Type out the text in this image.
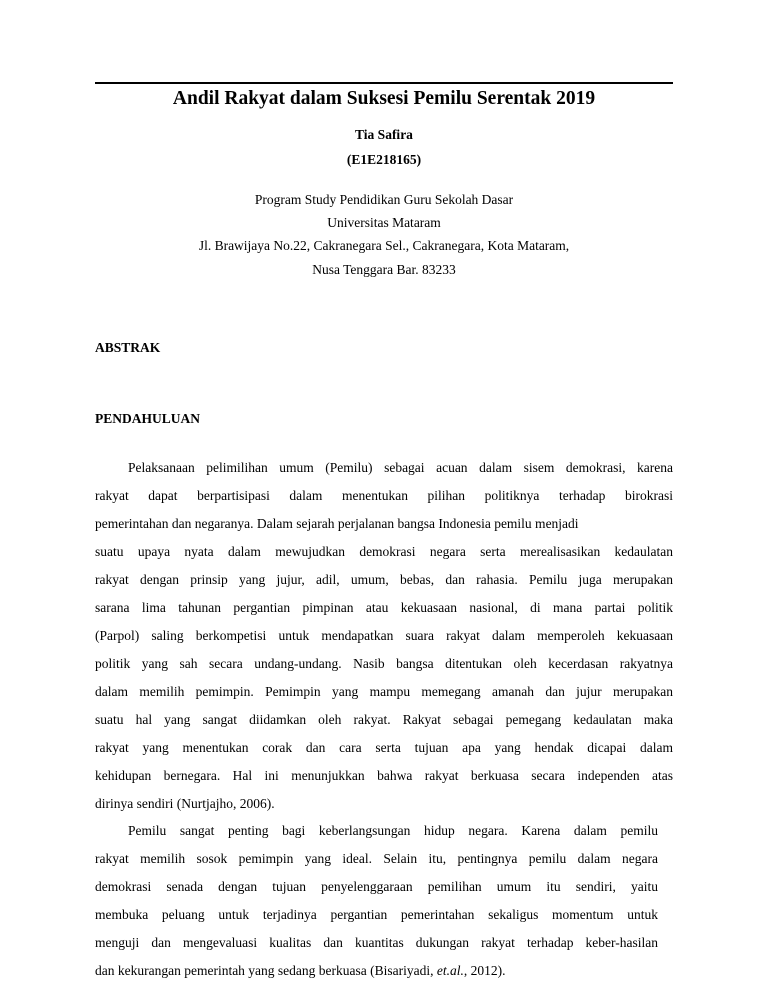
Andil Rakyat dalam Suksesi Pemilu Serentak 2019

Tia Safira

(E1E218165)

Program Study Pendidikan Guru Sekolah Dasar

Universitas Mataram

Jl. Brawijaya No.22, Cakranegara Sel., Cakranegara, Kota Mataram,

Nusa Tenggara Bar. 83233

ABSTRAK
PENDAHULUAN

Pelaksanaan pelimilihan umum (Pemilu) sebagai acuan dalam sisem demokrasi, karena

rakyat dapat berpartisipasi dalam menentukan pilihan politiknya terhadap birokrasi

pemerintahan dan negaranya. Dalam sejarah perjalanan bangsa Indonesia pemilu menjadi

suatu upaya nyata dalam mewujudkan demokrasi negara serta merealisasikan kedaulatan

rakyat dengan prinsip yang jujur, adil, umum, bebas, dan rahasia. Pemilu juga merupakan

sarana lima tahunan pergantian pimpinan atau kekuasaan nasional, di mana partai politik

(Parpol) saling berkompetisi untuk mendapatkan suara rakyat dalam memperoleh kekuasaan

politik yang sah secara undang-undang. Nasib bangsa ditentukan oleh kecerdasan rakyatnya

dalam memilih pemimpin. Pemimpin yang mampu memegang amanah dan jujur merupakan

suatu hal yang sangat diidamkan oleh rakyat. Rakyat sebagai pemegang kedaulatan maka

rakyat yang menentukan corak dan cara serta tujuan apa yang hendak dicapai dalam

kehidupan bernegara. Hal ini menunjukkan bahwa rakyat berkuasa secara independen atas

dirinya sendiri (Nurtjajho, 2006).

Pemilu sangat penting bagi keberlangsungan hidup negara. Karena dalam pemilu

rakyat memilih sosok pemimpin yang ideal. Selain itu, pentingnya pemilu dalam negara

demokrasi senada dengan tujuan penyelenggaraan pemilihan umum itu sendiri, yaitu

membuka peluang untuk terjadinya pergantian pemerintahan sekaligus momentum untuk

menguji dan mengevaluasi kualitas dan kuantitas dukungan rakyat terhadap keber-hasilan

dan kekurangan pemerintah yang sedang berkuasa (Bisariyadi, et.al., 2012).
